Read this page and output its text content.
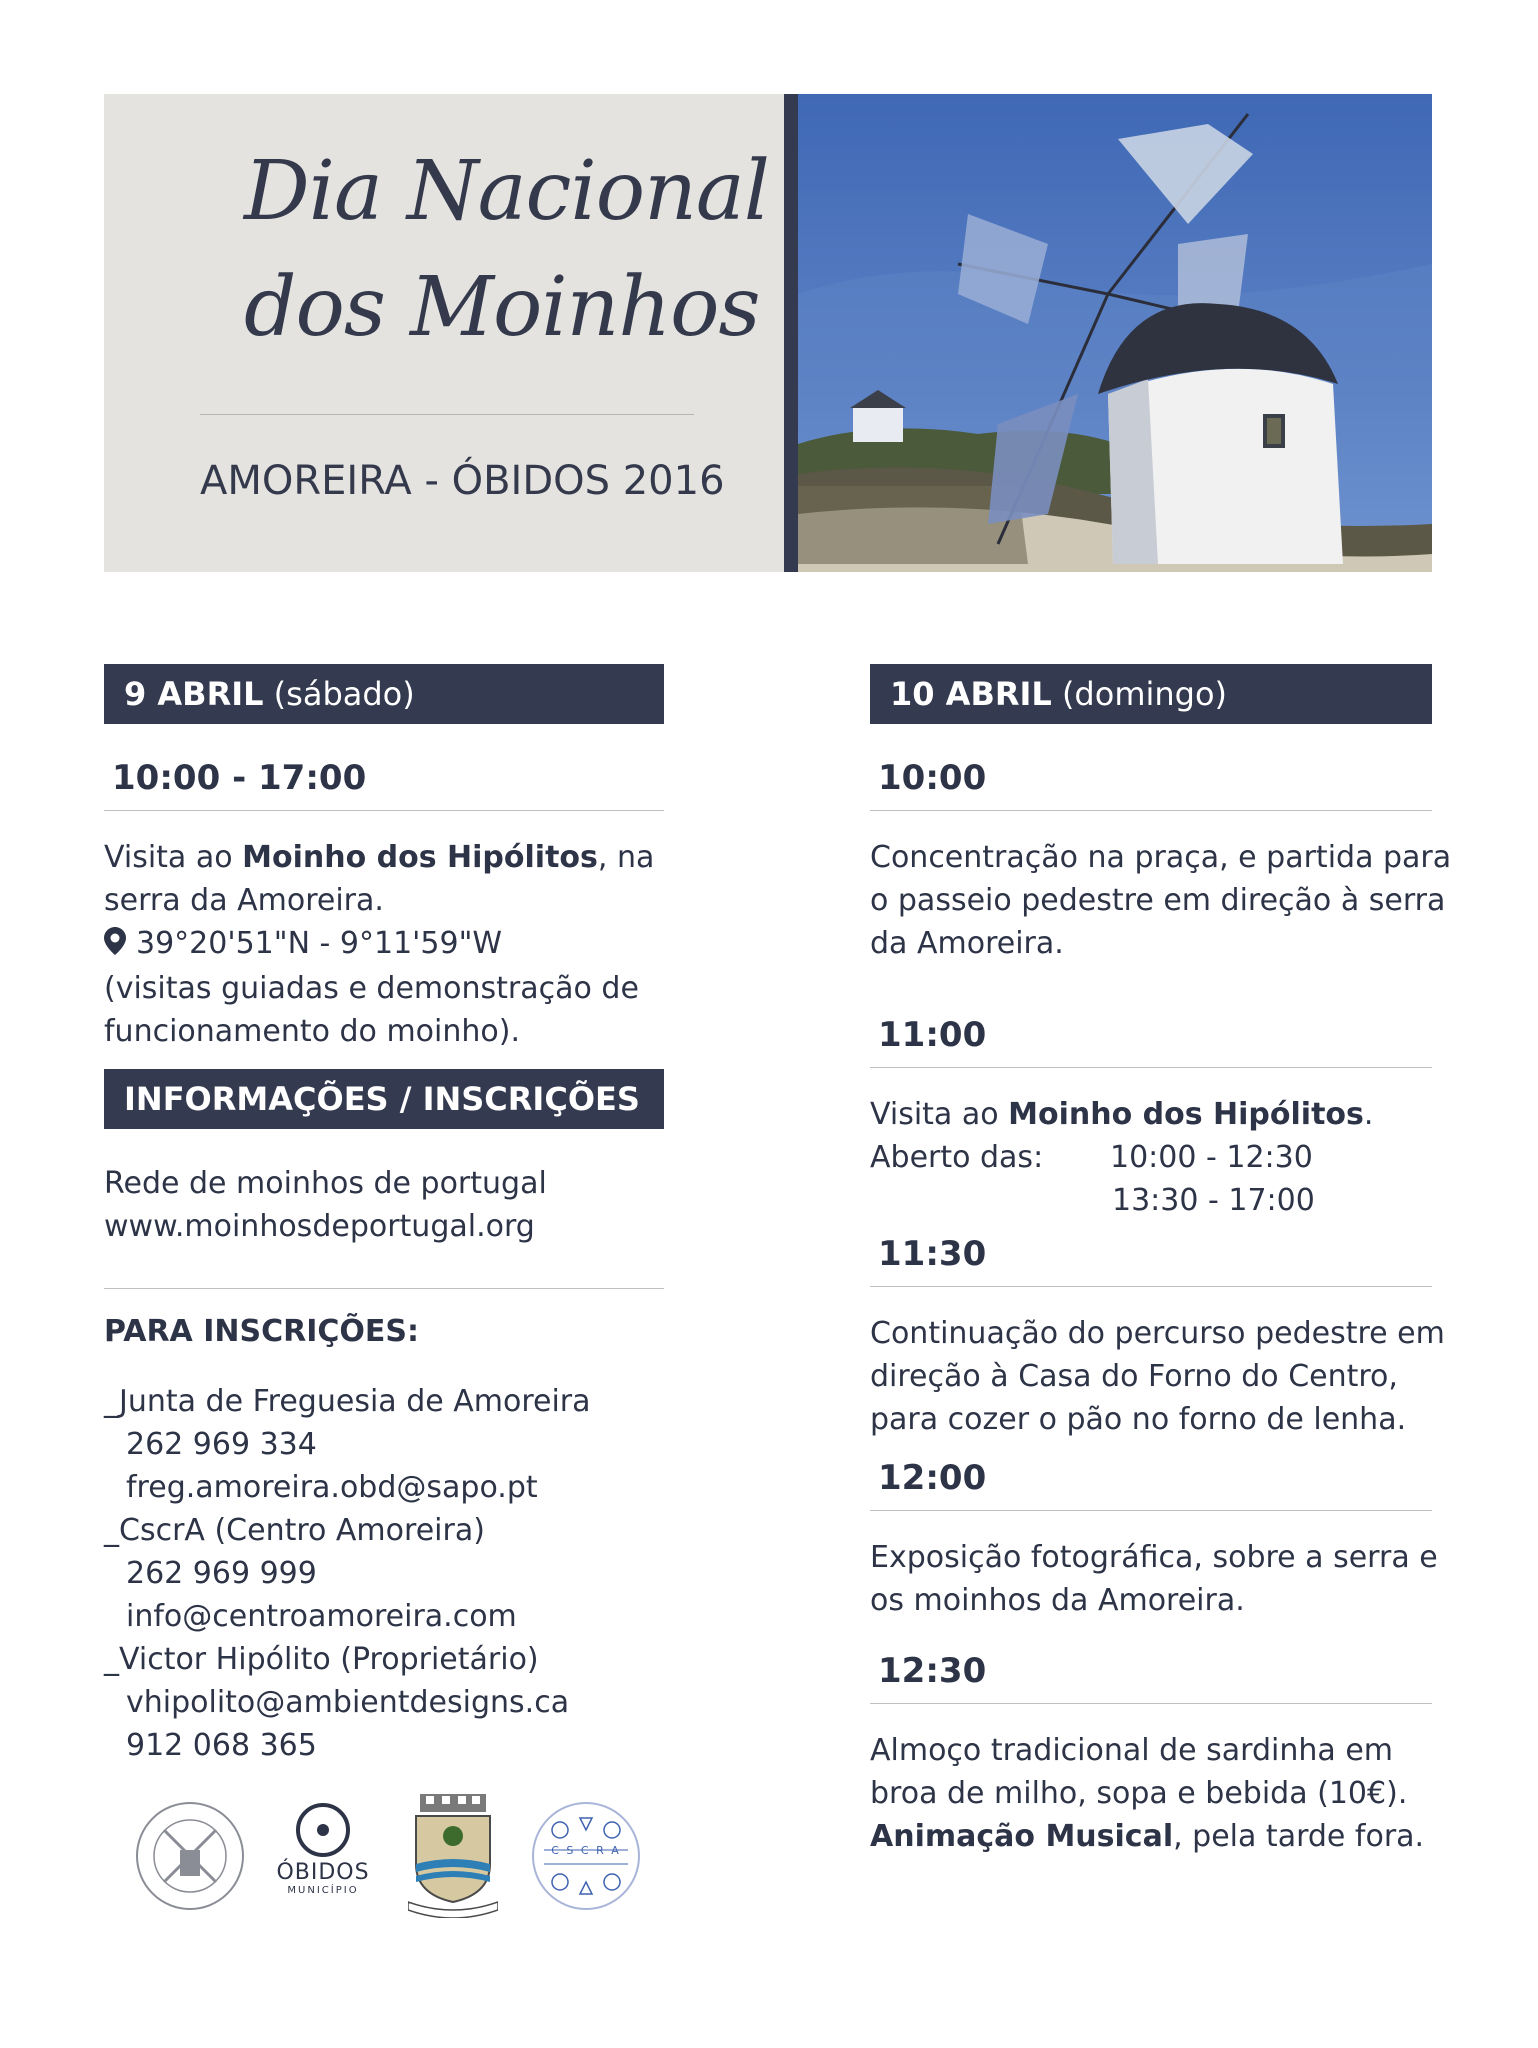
Dia Nacional
dos Moinhos
AMOREIRA - ÓBIDOS 2016
9 ABRIL (sábado)
10:00 - 17:00
Visita ao Moinho dos Hipólitos, na
serra da Amoreira.
39°20'51"N - 9°11'59"W
(visitas guiadas e demonstração de
funcionamento do moinho).
INFORMAÇÕES / INSCRIÇÕES
Rede de moinhos de portugal
www.moinhosdeportugal.org
PARA INSCRIÇÕES:
_Junta de Freguesia de Amoreira
262 969 334
freg.amoreira.obd@sapo.pt
_CscrA (Centro Amoreira)
262 969 999
info@centroamoreira.com
_Victor Hipólito (Proprietário)
vhipolito@ambientdesigns.ca
912 068 365
ÓBIDOS
MUNICÍPIO
C S C R A
10 ABRIL (domingo)
10:00
Concentração na praça, e partida para
o passeio pedestre em direção à serra
da Amoreira.
11:00
Visita ao Moinho dos Hipólitos.
Aberto das: 10:00 - 12:30
13:30 - 17:00
11:30
Continuação do percurso pedestre em
direção à Casa do Forno do Centro,
para cozer o pão no forno de lenha.
12:00
Exposição fotográfica, sobre a serra e
os moinhos da Amoreira.
12:30
Almoço tradicional de sardinha em
broa de milho, sopa e bebida (10€).
Animação Musical, pela tarde fora.
